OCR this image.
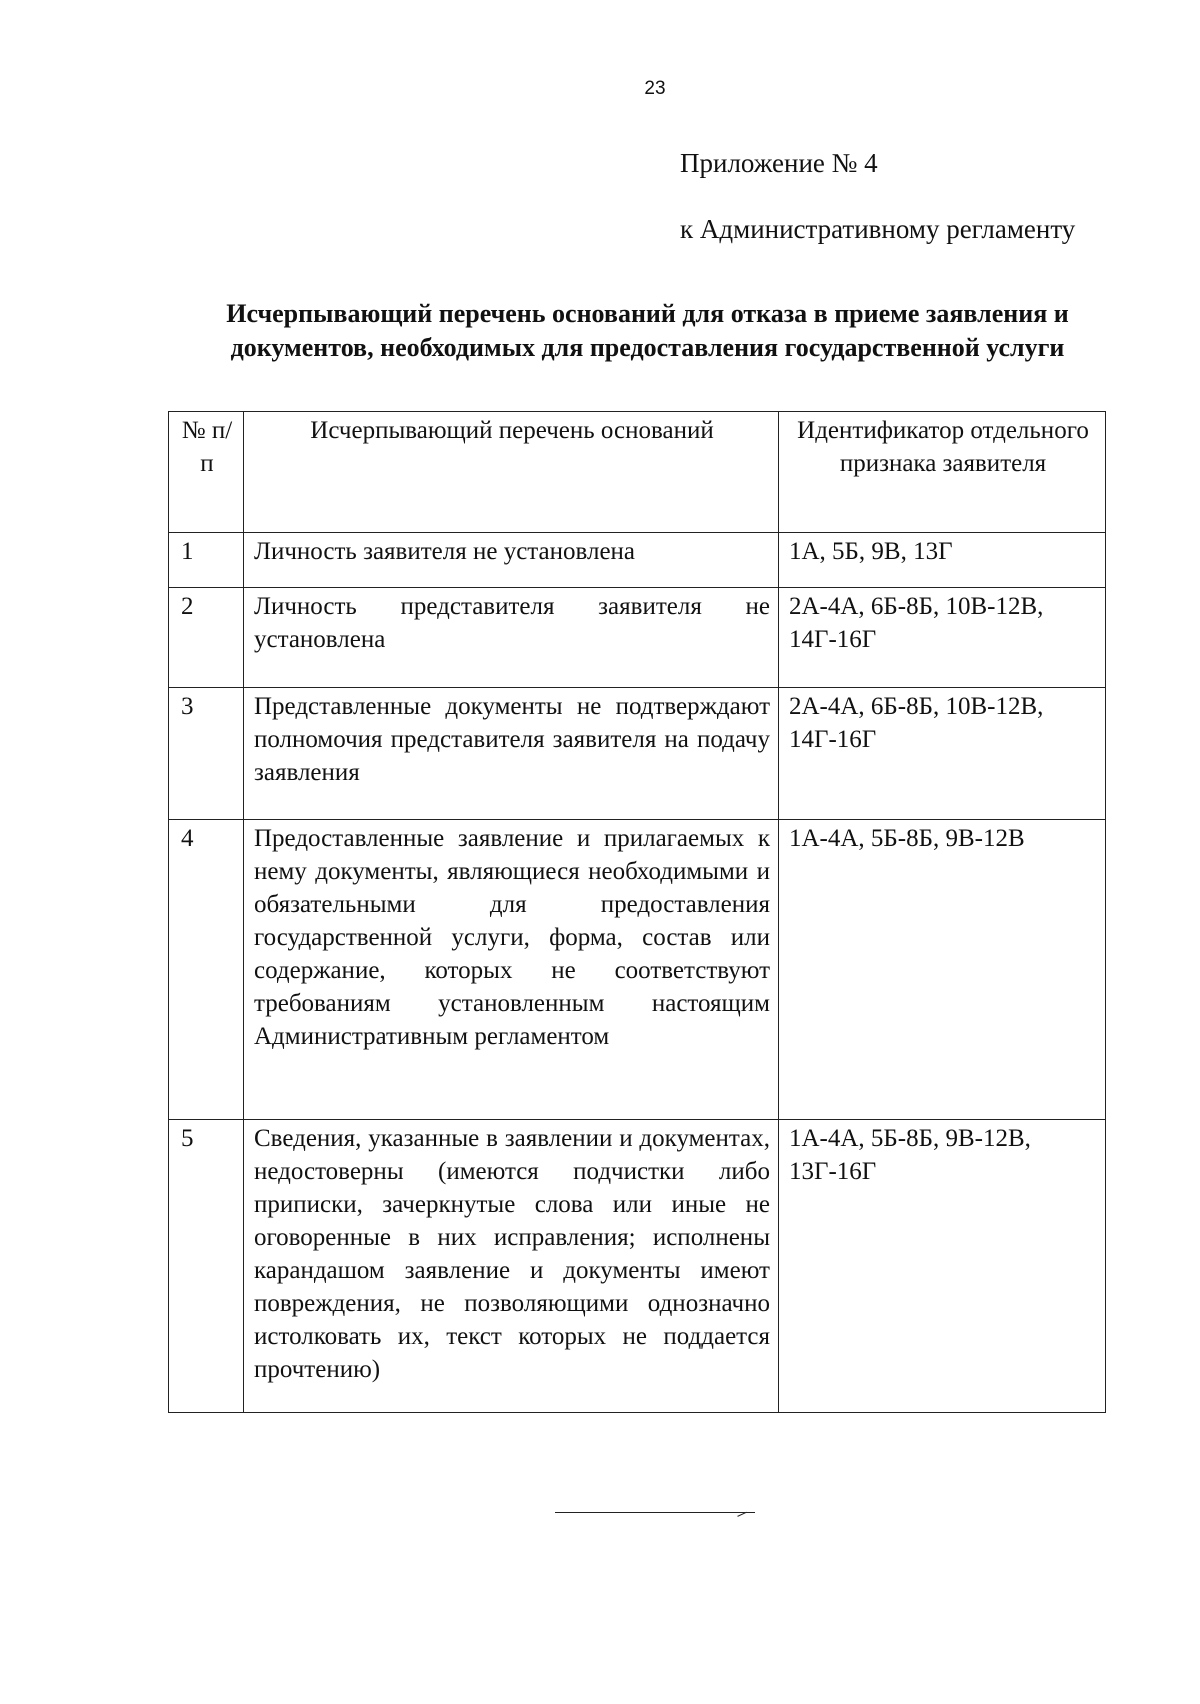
23
Приложение № 4
к Административному регламенту
Исчерпывающий перечень оснований для отказа в приеме заявления и
документов, необходимых для предоставления государственной услуги
№ п/п	Исчерпывающий перечень оснований	Идентификатор отдельного признака заявителя
1	Личность заявителя не установлена	1А, 5Б, 9В, 13Г
2	Личность представителя заявителя не установлена	2А-4А, 6Б-8Б, 10В-12В, 14Г-16Г
3	Представленные документы не подтверждают полномочия представителя заявителя на подачу заявления	2А-4А, 6Б-8Б, 10В-12В, 14Г-16Г
4	Предоставленные заявление и прилагаемых к нему документы, являющиеся необходимыми и обязательными для предоставления государственной услуги, форма, состав или содержание, которых не соответствуют требованиям установленным настоящим Административным регламентом	1А-4А, 5Б-8Б, 9В-12В
5	Сведения, указанные в заявлении и документах, недостоверны (имеются подчистки либо приписки, зачеркнутые слова или иные не оговоренные в них исправления; исполнены карандашом заявление и документы имеют повреждения, не позволяющими однозначно истолковать их, текст которых не поддается прочтению)	1А-4А, 5Б-8Б, 9В-12В, 13Г-16Г
